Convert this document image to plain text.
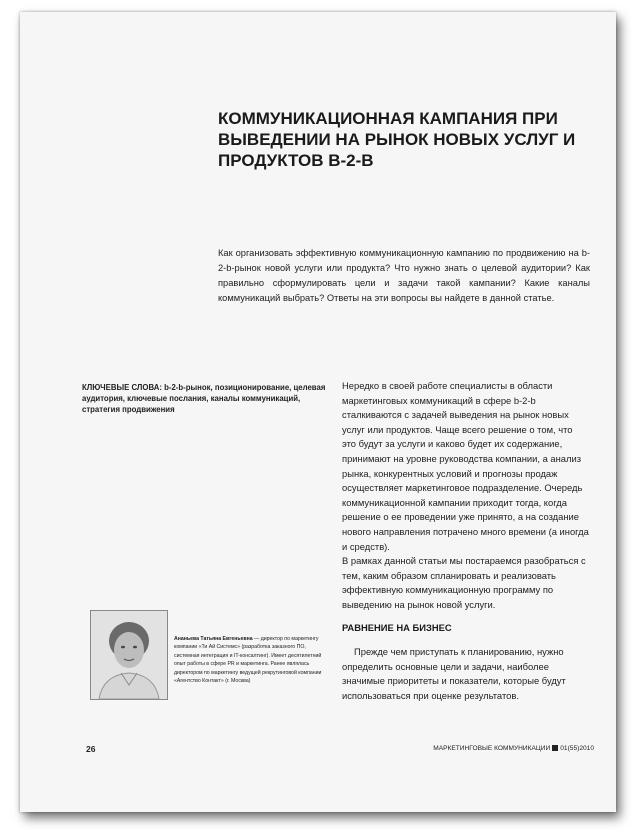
КОММУНИКАЦИОННАЯ КАМПАНИЯ ПРИ ВЫВЕДЕНИИ НА РЫНОК НОВЫХ УСЛУГ И ПРОДУКТОВ B-2-B

Как организовать эффективную коммуникационную кампанию по продвижению на b-2-b-рынок новой услуги или продукта? Что нужно знать о целевой аудитории? Как правильно сформулировать цели и задачи такой кампании? Какие каналы коммуникаций выбрать? Ответы на эти вопросы вы найдете в данной статье.

КЛЮЧЕВЫЕ СЛОВА: b-2-b-рынок, позиционирование, целевая аудитория, ключевые послания, каналы коммуникаций, стратегия продвижения

Нередко в своей работе специалисты в области маркетинговых коммуникаций в сфере b-2-b сталкиваются с задачей выведения на рынок новых услуг или продуктов. Чаще всего решение о том, что это будут за услуги и каково будет их содержание, принимают на уровне руководства компании, а анализ рынка, конкурентных условий и прогнозы продаж осуществляет маркетинговое подразделение. Очередь коммуникационной кампании приходит тогда, когда решение о ее проведении уже принято, а на создание нового направления потрачено много времени (а иногда и средств).

В рамках данной статьи мы постараемся разобраться с тем, каким образом спланировать и реализовать эффективную коммуникационную программу по выведению на рынок новой услуги.

РАВНЕНИЕ НА БИЗНЕС

Прежде чем приступать к планированию, нужно определить основные цели и задачи, наиболее значимые приоритеты и показатели, которые будут использоваться при оценке результатов.

Ананьева Татьяна Евгеньевна — директор по маркетингу компании «Ти Ай Системс» (разработка заказного ПО, системная интеграция и IT-консалтинг). Имеет десятилетний опыт работы в сфере PR и маркетинга. Ранее являлась директором по маркетингу ведущей рекрутинговой компании «Агентство Контакт» (г. Москва)

26	МАРКЕТИНГОВЫЕ КОММУНИКАЦИИ 01(55)2010
